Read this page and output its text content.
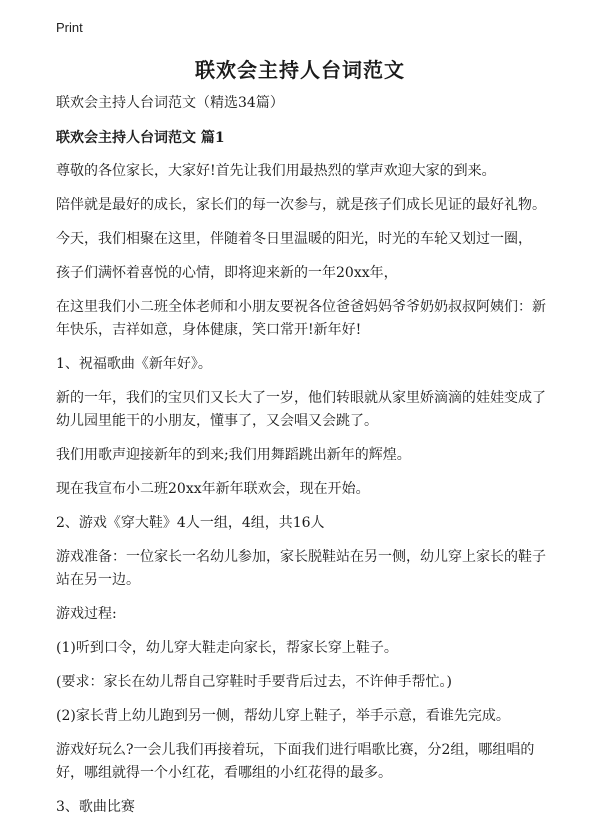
Print
联欢会主持人台词范文

联欢会主持人台词范文（精选34篇）

联欢会主持人台词范文 篇1

尊敬的各位家长，大家好!首先让我们用最热烈的掌声欢迎大家的到来。

陪伴就是最好的成长，家长们的每一次参与，就是孩子们成长见证的最好礼物。

今天，我们相聚在这里，伴随着冬日里温暖的阳光，时光的车轮又划过一圈，

孩子们满怀着喜悦的心情，即将迎来新的一年20xx年，

在这里我们小二班全体老师和小朋友要祝各位爸爸妈妈爷爷奶奶叔叔阿姨们：新年快乐，吉祥如意，身体健康，笑口常开!新年好!

1、祝福歌曲《新年好》。

新的一年，我们的宝贝们又长大了一岁，他们转眼就从家里娇滴滴的娃娃变成了幼儿园里能干的小朋友，懂事了，又会唱又会跳了。

我们用歌声迎接新年的到来;我们用舞蹈跳出新年的辉煌。

现在我宣布小二班20xx年新年联欢会，现在开始。

2、游戏《穿大鞋》4人一组，4组，共16人

游戏准备：一位家长一名幼儿参加，家长脱鞋站在另一侧，幼儿穿上家长的鞋子站在另一边。

游戏过程:

(1)听到口令，幼儿穿大鞋走向家长，帮家长穿上鞋子。

(要求：家长在幼儿帮自己穿鞋时手要背后过去，不许伸手帮忙。)

(2)家长背上幼儿跑到另一侧，帮幼儿穿上鞋子，举手示意，看谁先完成。

游戏好玩么?一会儿我们再接着玩，下面我们进行唱歌比赛，分2组，哪组唱的好，哪组就得一个小红花，看哪组的小红花得的最多。

3、歌曲比赛
